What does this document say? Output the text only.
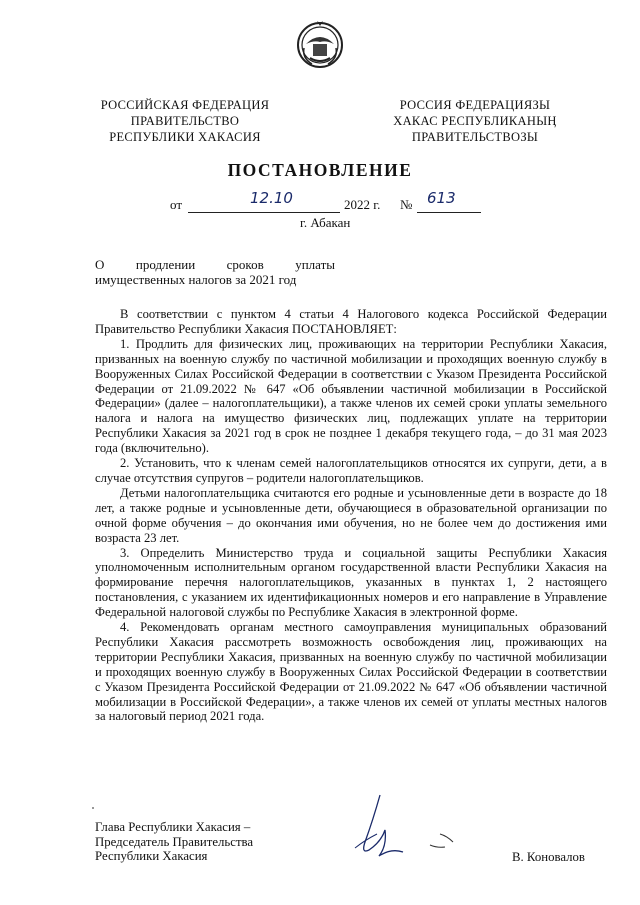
РОССИЙСКАЯ ФЕДЕРАЦИЯ
ПРАВИТЕЛЬСТВО
РЕСПУБЛИКИ ХАКАСИЯ
РОССИЯ ФЕДЕРАЦИЯЗЫ
ХАКАС РЕСПУБЛИКАНЫӉ
ПРАВИТЕЛЬСТВОЗЫ
ПОСТАНОВЛЕНИЕ
от	12.10	2022 г. № 613
г. Абакан
О продлении сроков уплаты
имущественных налогов за 2021 год

В соответствии с пунктом 4 статьи 4 Налогового кодекса Российской Федерации Правительство Республики Хакасия ПОСТАНОВЛЯЕТ:

1. Продлить для физических лиц, проживающих на территории Республики Хакасия, призванных на военную службу по частичной мобилизации и проходящих военную службу в Вооруженных Силах Российской Федерации в соответствии с Указом Президента Российской Федерации от 21.09.2022 № 647 «Об объявлении частичной мобилизации в Российской Федерации» (далее – налогоплательщики), а также членов их семей сроки уплаты земельного налога и налога на имущество физических лиц, подлежащих уплате на территории Республики Хакасия за 2021 год в срок не позднее 1 декабря текущего года, – до 31 мая 2023 года (включительно).

2. Установить, что к членам семей налогоплательщиков относятся их супруги, дети, а в случае отсутствия супругов – родители налогоплательщиков.

Детьми налогоплательщика считаются его родные и усыновленные дети в возрасте до 18 лет, а также родные и усыновленные дети, обучающиеся в образовательной организации по очной форме обучения – до окончания ими обучения, но не более чем до достижения ими возраста 23 лет.

3. Определить Министерство труда и социальной защиты Республики Хакасия уполномоченным исполнительным органом государственной власти Республики Хакасия на формирование перечня налогоплательщиков, указанных в пунктах 1, 2 настоящего постановления, с указанием их идентификационных номеров и его направление в Управление Федеральной налоговой службы по Республике Хакасия в электронной форме.

4. Рекомендовать органам местного самоуправления муниципальных образований Республики Хакасия рассмотреть возможность освобождения лиц, проживающих на территории Республики Хакасия, призванных на военную службу по частичной мобилизации и проходящих военную службу в Вооруженных Силах Российской Федерации в соответствии с Указом Президента Российской Федерации от 21.09.2022 № 647 «Об объявлении частичной мобилизации в Российской Федерации», а также членов их семей от уплаты местных налогов за налоговый период 2021 года.

Глава Республики Хакасия –
Председатель Правительства
Республики Хакасия	В. Коновалов
